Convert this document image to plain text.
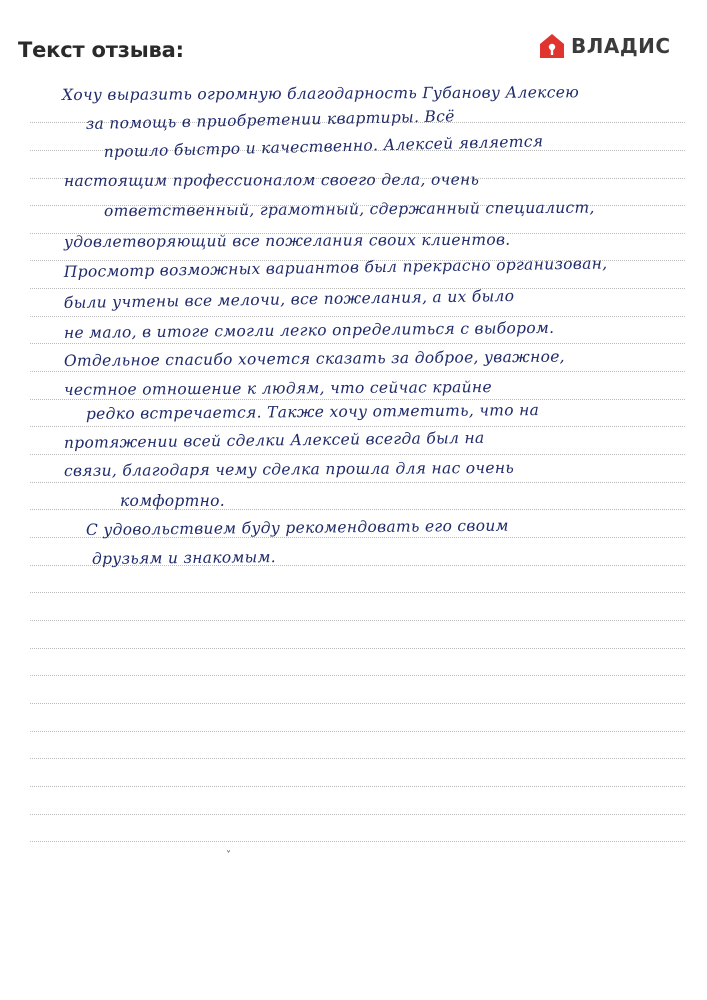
Текст отзыва:	ВЛАДИС
Хочу выразить огромную благодарность Губанову Алексею
за помощь в приобретении квартиры. Всё
прошло быстро и качественно. Алексей является
настоящим профессионалом своего дела, очень
ответственный, грамотный, сдержанный специалист,
удовлетворяющий все пожелания своих клиентов.
Просмотр возможных вариантов был прекрасно организован,
были учтены все мелочи, все пожелания, а их было
не мало, в итоге смогли легко определиться с выбором.
Отдельное спасибо хочется сказать за доброе, уважное,
честное отношение к людям, что сейчас крайне
редко встречается. Также хочу отметить, что на
протяжении всей сделки Алексей всегда был на
связи, благодаря чему сделка прошла для нас очень
комфортно.
С удовольствием буду рекомендовать его своим
друзьям и знакомым.
˅
